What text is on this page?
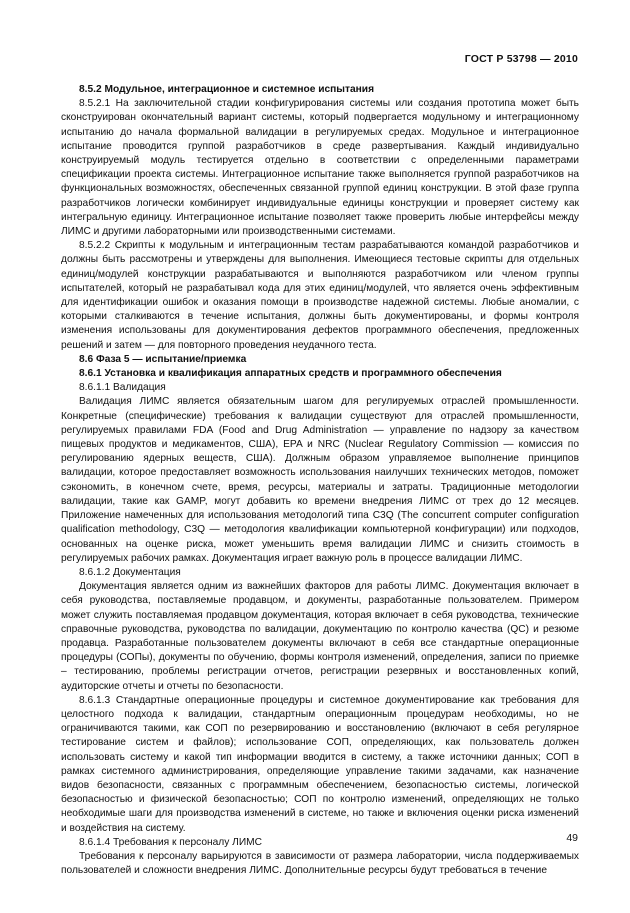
ГОСТ Р 53798 — 2010

8.5.2 Модульное, интеграционное и системное испытания

8.5.2.1 На заключительной стадии конфигурирования системы или создания прототипа может быть сконструирован окончательный вариант системы, который подвергается модульному и интеграционному испытанию до начала формальной валидации в регулируемых средах. Модульное и интеграционное испытание проводится группой разработчиков в среде развертывания. Каждый индивидуально конструируемый модуль тестируется отдельно в соответствии с определенными параметрами спецификации проекта системы. Интеграционное испытание также выполняется группой разработчиков на функциональных возможностях, обеспеченных связанной группой единиц конструкции. В этой фазе группа разработчиков логически комбинирует индивидуальные единицы конструкции и проверяет систему как интегральную единицу. Интеграционное испытание позволяет также проверить любые интерфейсы между ЛИМС и другими лабораторными или производственными системами.

8.5.2.2 Скрипты к модульным и интеграционным тестам разрабатываются командой разработчиков и должны быть рассмотрены и утверждены для выполнения. Имеющиеся тестовые скрипты для отдельных единиц/модулей конструкции разрабатываются и выполняются разработчиком или членом группы испытателей, который не разрабатывал кода для этих единиц/модулей, что является очень эффективным для идентификации ошибок и оказания помощи в производстве надежной системы. Любые аномалии, с которыми сталкиваются в течение испытания, должны быть документированы, и формы контроля изменения использованы для документирования дефектов программного обеспечения, предложенных решений и затем — для повторного проведения неудачного теста.

8.6 Фаза 5 — испытание/приемка

8.6.1 Установка и квалификация аппаратных средств и программного обеспечения

8.6.1.1 Валидация

Валидация ЛИМС является обязательным шагом для регулируемых отраслей промышленности. Конкретные (специфические) требования к валидации существуют для отраслей промышленности, регулируемых правилами FDA (Food and Drug Administration — управление по надзору за качеством пищевых продуктов и медикаментов, США), EPA и NRC (Nuclear Regulatory Commission — комиссия по регулированию ядерных веществ, США). Должным образом управляемое выполнение принципов валидации, которое предоставляет возможность использования наилучших технических методов, поможет сэкономить, в конечном счете, время, ресурсы, материалы и затраты. Традиционные методологии валидации, такие как GAMP, могут добавить ко времени внедрения ЛИМС от трех до 12 месяцев. Приложение намеченных для использования методологий типа C3Q (The concurrent computer configuration qualification methodology, C3Q — методология квалификации компьютерной конфигурации) или подходов, основанных на оценке риска, может уменьшить время валидации ЛИМС и снизить стоимость в регулируемых рабочих рамках. Документация играет важную роль в процессе валидации ЛИМС.

8.6.1.2 Документация

Документация является одним из важнейших факторов для работы ЛИМС. Документация включает в себя руководства, поставляемые продавцом, и документы, разработанные пользователем. Примером может служить поставляемая продавцом документация, которая включает в себя руководства, технические справочные руководства, руководства по валидации, документацию по контролю качества (QC) и резюме продавца. Разработанные пользователем документы включают в себя все стандартные операционные процедуры (СОПы), документы по обучению, формы контроля изменений, определения, записи по приемке – тестированию, проблемы регистрации отчетов, регистрации резервных и восстановленных копий, аудиторские отчеты и отчеты по безопасности.

8.6.1.3 Стандартные операционные процедуры и системное документирование как требования для целостного подхода к валидации, стандартным операционным процедурам необходимы, но не ограничиваются такими, как СОП по резервированию и восстановлению (включают в себя регулярное тестирование систем и файлов); использование СОП, определяющих, как пользователь должен использовать систему и какой тип информации вводится в систему, а также источники данных; СОП в рамках системного администрирования, определяющие управление такими задачами, как назначение видов безопасности, связанных с программным обеспечением, безопасностью системы, логической безопасностью и физической безопасностью; СОП по контролю изменений, определяющих не только необходимые шаги для производства изменений в системе, но также и включения оценки риска изменений и воздействия на систему.

8.6.1.4 Требования к персоналу ЛИМС

Требования к персоналу варьируются в зависимости от размера лаборатории, числа поддерживаемых пользователей и сложности внедрения ЛИМС. Дополнительные ресурсы будут требоваться в течение

49
